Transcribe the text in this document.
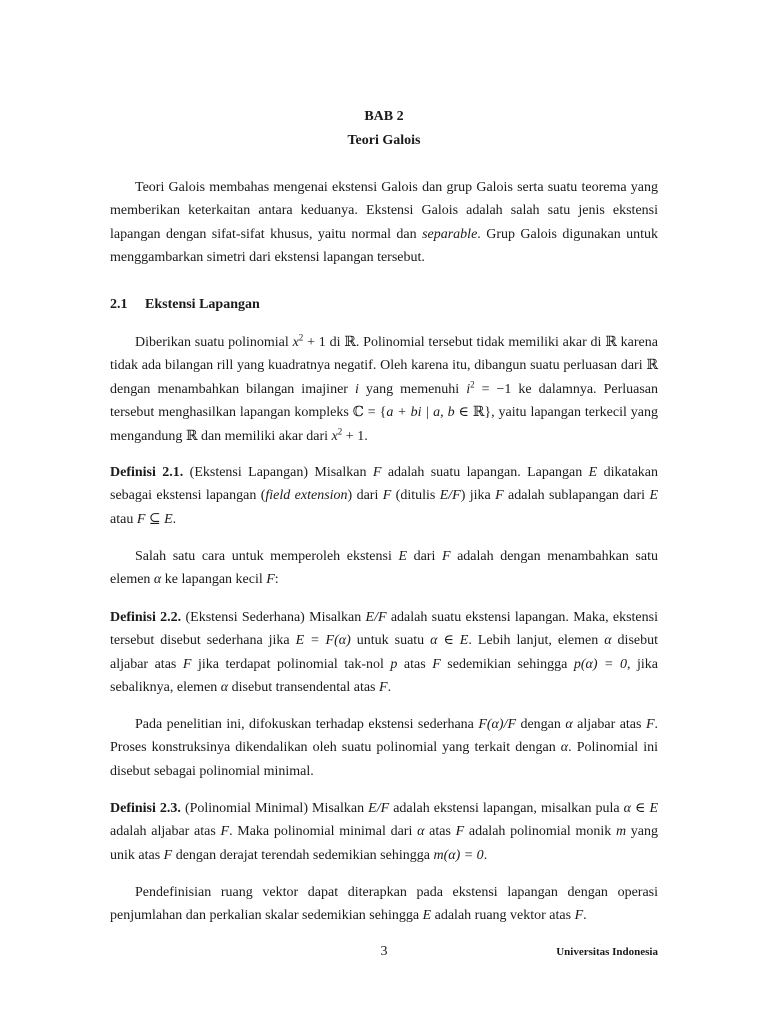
BAB 2
Teori Galois

Teori Galois membahas mengenai ekstensi Galois dan grup Galois serta suatu teorema yang memberikan keterkaitan antara keduanya. Ekstensi Galois adalah salah satu jenis ekstensi lapangan dengan sifat-sifat khusus, yaitu normal dan separable. Grup Galois digunakan untuk menggambarkan simetri dari ekstensi lapangan tersebut.

2.1 Ekstensi Lapangan

Diberikan suatu polinomial $x^2 + 1$ di ℝ. Polinomial tersebut tidak memiliki akar di ℝ karena tidak ada bilangan rill yang kuadratnya negatif. Oleh karena itu, dibangun suatu perluasan dari ℝ dengan menambahkan bilangan imajiner i yang memenuhi $i^2 = -1$ ke dalamnya. Perluasan tersebut menghasilkan lapangan kompleks ℂ = {a + bi | a, b ∈ ℝ}, yaitu lapangan terkecil yang mengandung ℝ dan memiliki akar dari $x^2 + 1$.

Definisi 2.1. (Ekstensi Lapangan) Misalkan F adalah suatu lapangan. Lapangan E dikatakan sebagai ekstensi lapangan (field extension) dari F (ditulis E/F) jika F adalah sublapangan dari E atau F ⊆ E.

Salah satu cara untuk memperoleh ekstensi E dari F adalah dengan menambahkan satu elemen α ke lapangan kecil F:

Definisi 2.2. (Ekstensi Sederhana) Misalkan E/F adalah suatu ekstensi lapangan. Maka, ekstensi tersebut disebut sederhana jika E = F(α) untuk suatu α ∈ E. Lebih lanjut, elemen α disebut aljabar atas F jika terdapat polinomial tak-nol p atas F sedemikian sehingga p(α) = 0, jika sebaliknya, elemen α disebut transendental atas F.

Pada penelitian ini, difokuskan terhadap ekstensi sederhana F(α)/F dengan α aljabar atas F. Proses konstruksinya dikendalikan oleh suatu polinomial yang terkait dengan α. Polinomial ini disebut sebagai polinomial minimal.

Definisi 2.3. (Polinomial Minimal) Misalkan E/F adalah ekstensi lapangan, misalkan pula α ∈ E adalah aljabar atas F. Maka polinomial minimal dari α atas F adalah polinomial monik m yang unik atas F dengan derajat terendah sedemikian sehingga m(α) = 0.

Pendefinisian ruang vektor dapat diterapkan pada ekstensi lapangan dengan operasi penjumlahan dan perkalian skalar sedemikian sehingga E adalah ruang vektor atas F.

3	Universitas Indonesia
